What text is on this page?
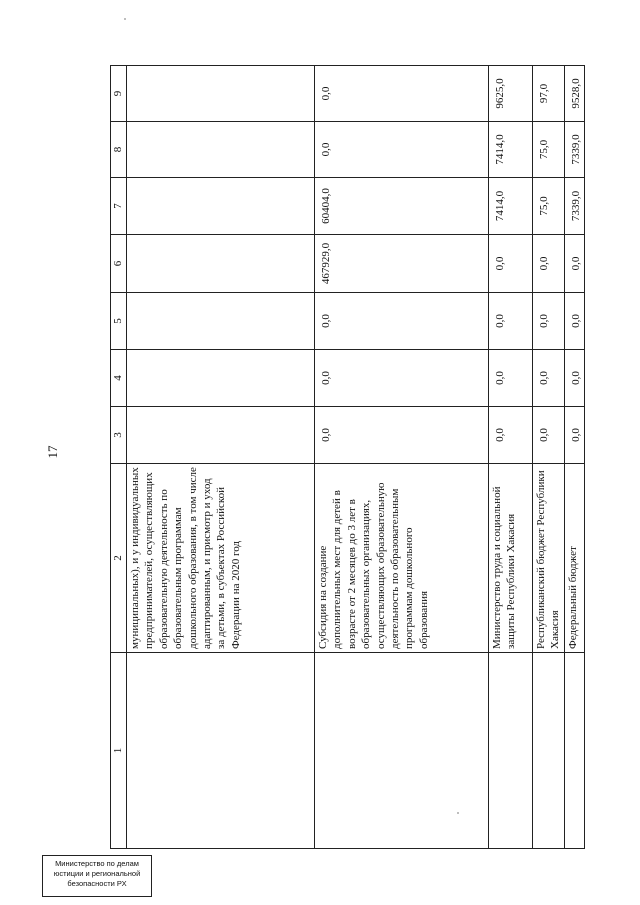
17
1	2	3	4	5	6	7	8	9
	муниципальных), и у индивидуальных предпринимателей, осуществляющих образовательную деятельность по образовательным программам дошкольного образования, в том числе адаптированным, и присмотр и уход за детьми, в субъектах Российской Федерации на 2020 год							
	Субсидия на создание дополнительных мест для детей в возрасте от 2 месяцев до 3 лет в образовательных организациях, осуществляющих образовательную деятельность по образовательным программам дошкольного образования	0,0	0,0	0,0	467929,0	60404,0	0,0	0,0
	Министерство труда и социальной защиты Республики Хакасия	0,0	0,0	0,0	0,0	7414,0	7414,0	9625,0
	Республиканский бюджет Республики Хакасия	0,0	0,0	0,0	0,0	75,0	75,0	97,0
	Федеральный бюджет	0,0	0,0	0,0	0,0	7339,0	7339,0	9528,0
Министерство по делам
юстиции и региональной
безопасности РХ
